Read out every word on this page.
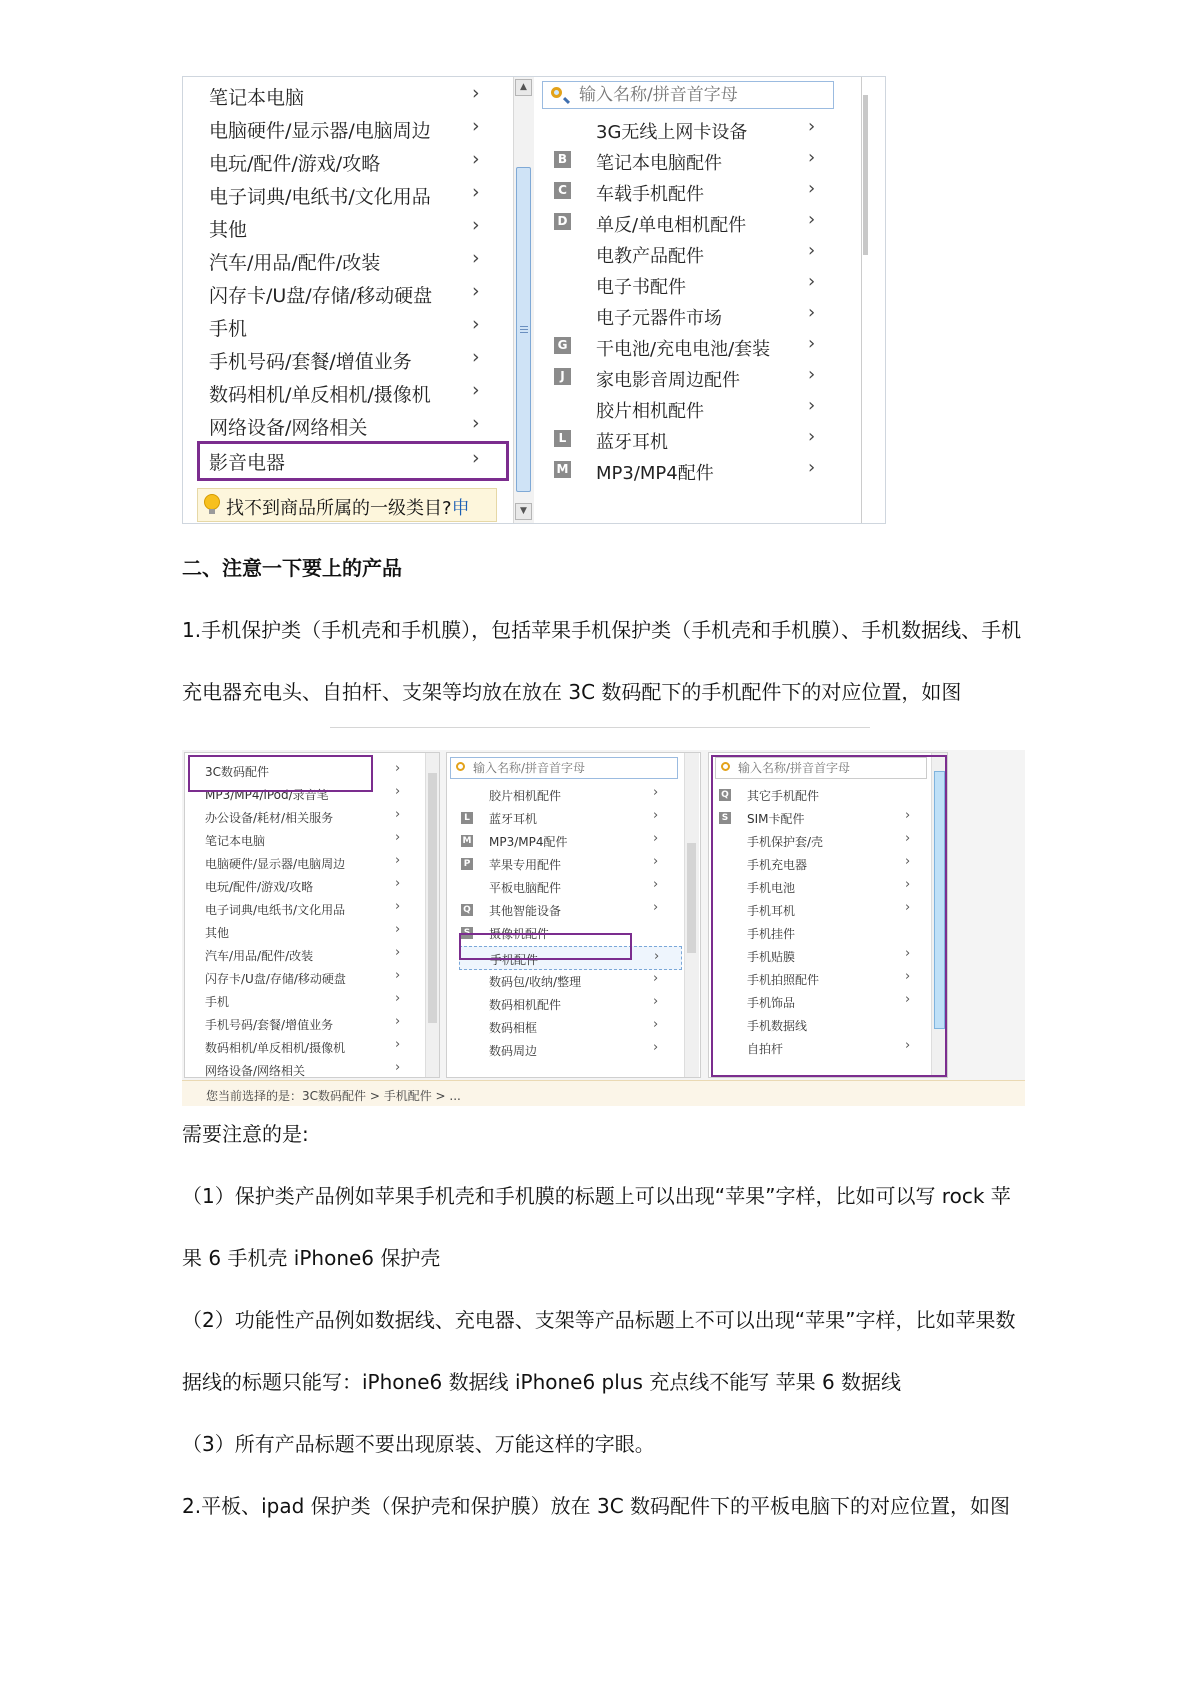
笔记本电脑	›
电脑硬件/显示器/电脑周边 ›
电玩/配件/游戏/攻略	›
电子词典/电纸书/文化用品 ›
其他	›
汽车/用品/配件/改装	›
闪存卡/U盘/存储/移动硬盘 ›
手机	›
手机号码/套餐/增值业务	›
数码相机/单反相机/摄像机 ›
网络设备/网络相关	›
影音电器	›
找不到商品所属的一级类目?申
▲
▼
输入名称/拼音首字母
3G无线上网卡设备	›
B 笔记本电脑配件	›
C 车载手机配件	›
D 单反/单电相机配件	›
电教产品配件	›
电子书配件	›
电子元器件市场	›
G 干电池/充电电池/套装 ›
J	家电影音周边配件	›
胶片相机配件	›
L 蓝牙耳机	›
M MP3/MP4配件	›
二、注意一下要上的产品
1.手机保护类（手机壳和手机膜），包括苹果手机保护类（手机壳和手机膜）、手机数据线、手机
充电器充电头、自拍杆、支架等均放在放在 3C 数码配下的手机配件下的对应位置，如图
3C数码配件	›
MP3/MP4/iPod/录音笔	›
办公设备/耗材/相关服务	›
笔记本电脑	›
电脑硬件/显示器/电脑周边	›
电玩/配件/游戏/攻略	›
电子词典/电纸书/文化用品	›
其他	›
汽车/用品/配件/改装	›
闪存卡/U盘/存储/移动硬盘	›
手机	›
手机号码/套餐/增值业务	›
数码相机/单反相机/摄像机	›
网络设备/网络相关	›
输入名称/拼音首字母
胶片相机配件	›
L 蓝牙耳机	›
M MP3/MP4配件	›
P 苹果专用配件	›
平板电脑配件	›
Q 其他智能设备	›
S 摄像机配件
手机配件	›
数码包/收纳/整理	›
数码相机配件	›
数码相框	›
数码周边	›
输入名称/拼音首字母
Q 其它手机配件
S SIM卡配件	›
手机保护套/壳	›
手机充电器	›
手机电池	›
手机耳机	›
手机挂件
手机贴膜	›
手机拍照配件	›
手机饰品	›
手机数据线
自拍杆	›
您当前选择的是：3C数码配件 > 手机配件 > ...
需要注意的是:
（1）保护类产品例如苹果手机壳和手机膜的标题上可以出现“苹果”字样，比如可以写 rock 苹
果 6 手机壳 iPhone6 保护壳
（2）功能性产品例如数据线、充电器、支架等产品标题上不可以出现“苹果”字样，比如苹果数
据线的标题只能写：iPhone6 数据线 iPhone6 plus 充点线不能写 苹果 6 数据线
（3）所有产品标题不要出现原装、万能这样的字眼。
2.平板、ipad 保护类（保护壳和保护膜）放在 3C 数码配件下的平板电脑下的对应位置，如图
